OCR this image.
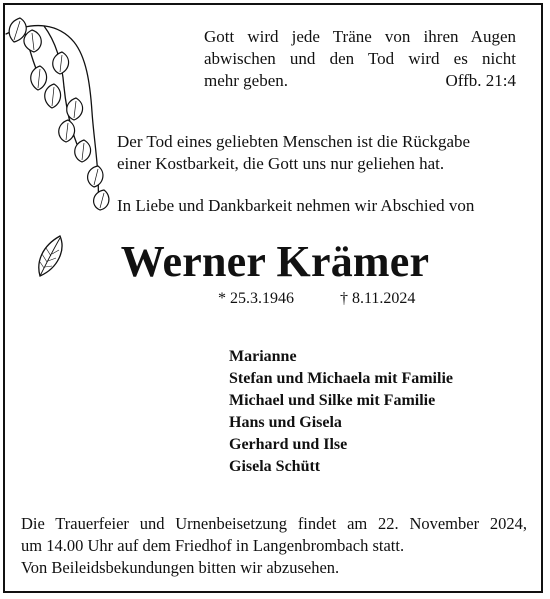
Gott wird jede Träne von ihren Augen
abwischen und den Tod wird es nicht
mehr geben.	Offb. 21:4

Der Tod eines geliebten Menschen ist die Rückgabe
einer Kostbarkeit, die Gott uns nur geliehen hat.

In Liebe und Dankbarkeit nehmen wir Abschied von

Werner Krämer

* 25.3.1946	† 8.11.2024

Marianne
Stefan und Michaela mit Familie
Michael und Silke mit Familie
Hans und Gisela
Gerhard und Ilse
Gisela Schütt
Die Trauerfeier und Urnenbeisetzung findet am 22. November 2024,
um 14.00 Uhr auf dem Friedhof in Langenbrombach statt.
Von Beileidsbekundungen bitten wir abzusehen.
